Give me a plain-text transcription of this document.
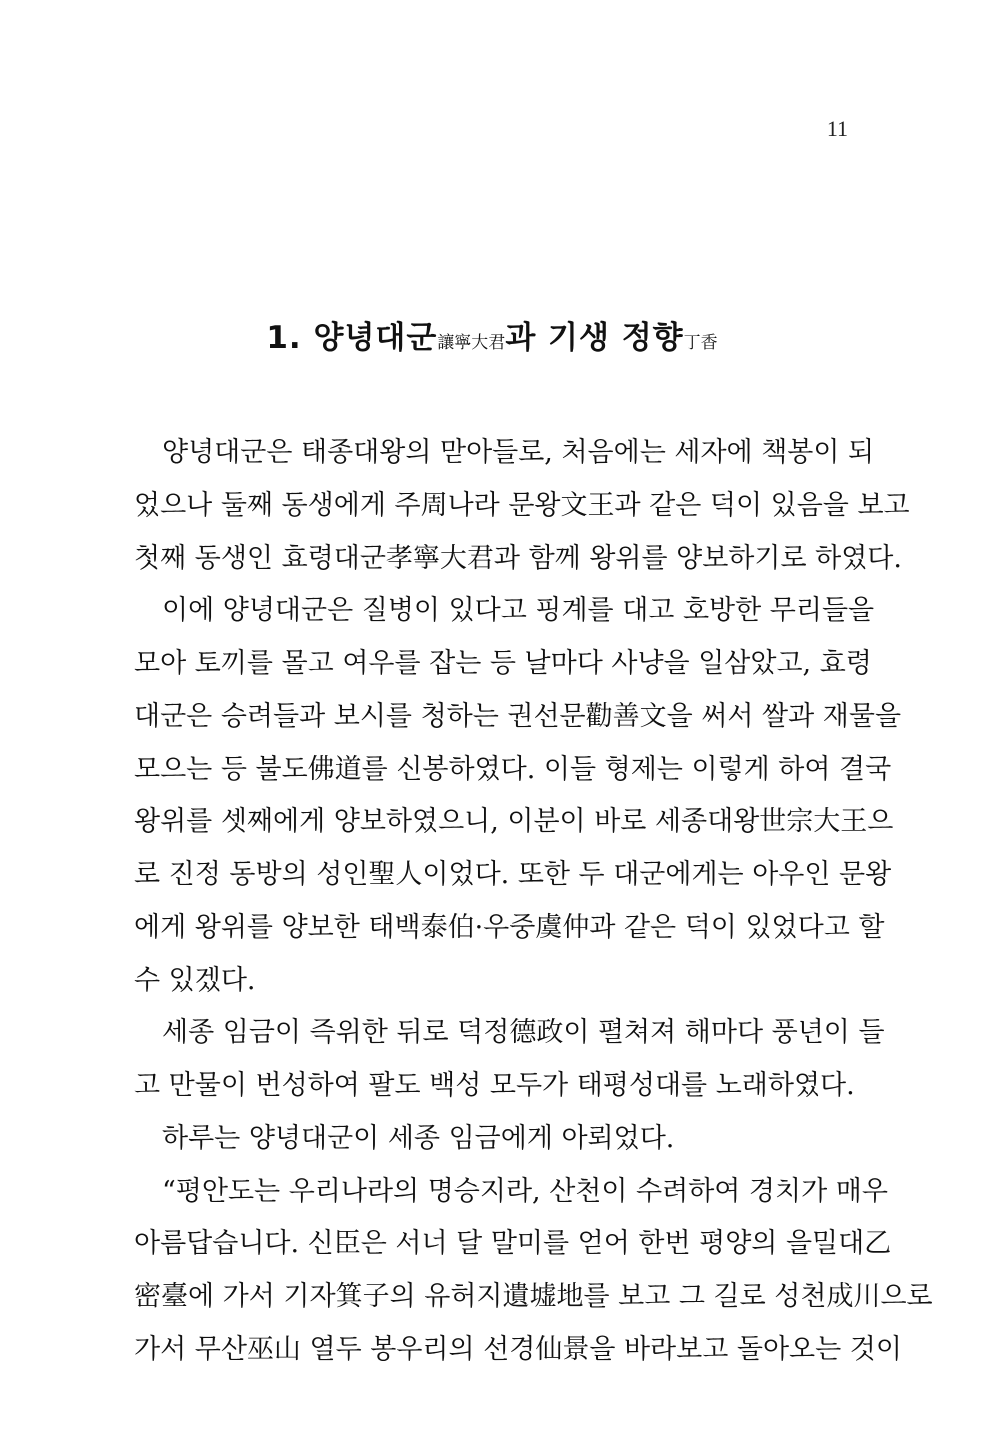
11
1. 양녕대군讓寧大君과 기생 정향丁香
양녕대군은 태종대왕의 맏아들로, 처음에는 세자에 책봉이 되
었으나 둘째 동생에게 주周나라 문왕文王과 같은 덕이 있음을 보고
첫째 동생인 효령대군孝寧大君과 함께 왕위를 양보하기로 하였다.
이에 양녕대군은 질병이 있다고 핑계를 대고 호방한 무리들을
모아 토끼를 몰고 여우를 잡는 등 날마다 사냥을 일삼았고, 효령
대군은 승려들과 보시를 청하는 권선문勸善文을 써서 쌀과 재물을
모으는 등 불도佛道를 신봉하였다. 이들 형제는 이렇게 하여 결국
왕위를 셋째에게 양보하였으니, 이분이 바로 세종대왕世宗大王으
로 진정 동방의 성인聖人이었다. 또한 두 대군에게는 아우인 문왕
에게 왕위를 양보한 태백泰伯·우중虞仲과 같은 덕이 있었다고 할
수 있겠다.
세종 임금이 즉위한 뒤로 덕정德政이 펼쳐져 해마다 풍년이 들
고 만물이 번성하여 팔도 백성 모두가 태평성대를 노래하였다.
하루는 양녕대군이 세종 임금에게 아뢰었다.
“평안도는 우리나라의 명승지라, 산천이 수려하여 경치가 매우
아름답습니다. 신臣은 서너 달 말미를 얻어 한번 평양의 을밀대乙
密臺에 가서 기자箕子의 유허지遺墟地를 보고 그 길로 성천成川으로
가서 무산巫山 열두 봉우리의 선경仙景을 바라보고 돌아오는 것이
